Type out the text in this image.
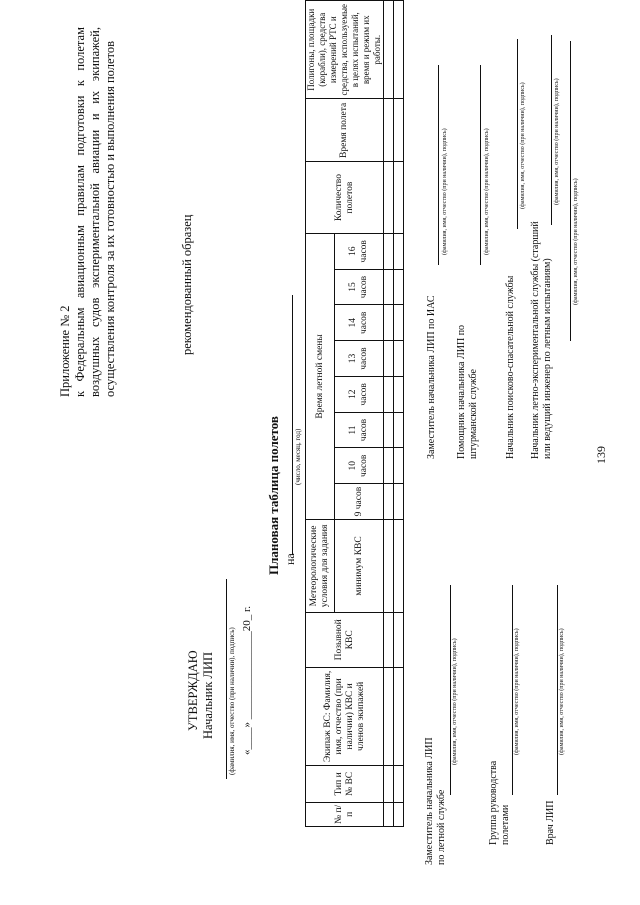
139
Приложение № 2 к Федеральным авиационным правилам подготовки к полетам воздушных судов экспериментальной авиации и их экипажей, осуществления контроля за их готовностью и выполнения полетов	рекомендованный образец
УТВЕРЖДАЮ Начальник ЛИП (фамилия, имя, отчество (при наличии), подпись) «____» ________________20_ г.
Плановая таблица полетов на
(число, месяц, год)
№ п/п	Тип и № ВС	Экипаж ВС: Фамилия, имя, отчество (при наличии) КВС и членов экипажей	Позывной КВС	Метеорологические условия для задания	Время летной смены								Количество полетов	Время полета	Полигоны, площадки (корабли), средства измерений РТС и средства, используемые в целях испытаний, время и режим их работы.
				минимум КВС	9 часов	10 часов	11 часов	12 часов	13 часов	14 часов	15 часов	16 часов			

Заместитель начальника ЛИП по летной службе
(фамилия, имя, отчество (при наличии), подпись)
Группа руководства полетами
(фамилия, имя, отчество (при наличии), подпись)
Врач ЛИП
(фамилия, имя, отчество (при наличии), подпись)
Заместитель начальника ЛИП по ИАС
(фамилия, имя, отчество (при наличии), подпись)
Помощник начальника ЛИП по штурманской службе
(фамилия, имя, отчество (при наличии), подпись)
Начальник поисково-спасательной службы
(фамилия, имя, отчество (при наличии), подпись)
Начальник летно-экспериментальной службы (старший или ведущий инженер по летным испытаниям)
(фамилия, имя, отчество (при наличии), подпись)
(фамилия, имя, отчество (при наличии), подпись)
